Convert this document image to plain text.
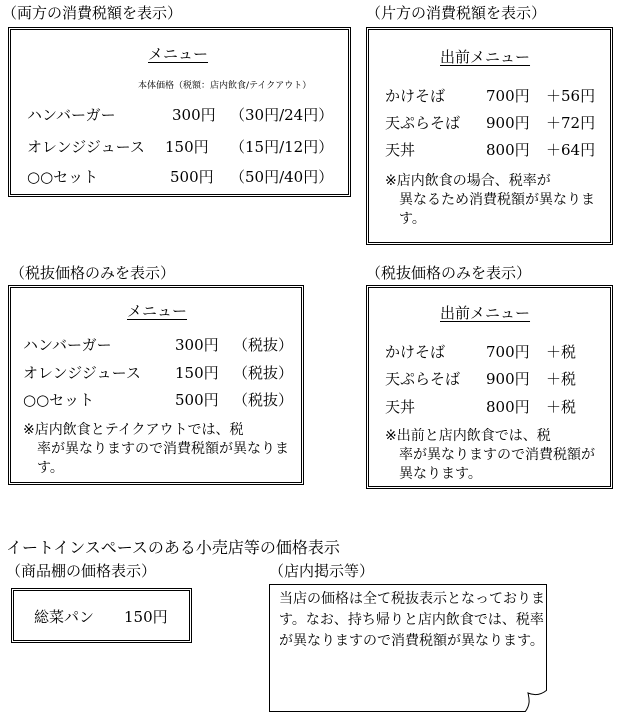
（両方の消費税額を表示）
メニュー
本体価格（税額：店内飲食/テイクアウト）
ハンバーガー	300円 （30円/24円）
オレンジジュース 150円 （15円/12円）
○○セット	500円 （50円/40円）
（片方の消費税額を表示）
出前メニュー
かけそば	700円 ＋56円
天ぷらそば 900円 ＋72円
天丼	800円 ＋64円
※店内飲食の場合、税率が
異なるため消費税額が異なります。
（税抜価格のみを表示）
メニュー
ハンバーガー	300円 （税抜）
オレンジジュース 150円 （税抜）
○○セット	500円 （税抜）
※店内飲食とテイクアウトでは、税
率が異なりますので消費税額が異なります。
（税抜価格のみを表示）
出前メニュー
かけそば	700円 ＋税
天ぷらそば 900円 ＋税
天丼	800円 ＋税
※出前と店内飲食では、税
率が異なりますので消費税額が異なります。
イートインスペースのある小売店等の価格表示
（商品棚の価格表示）
総菜パン 150円
（店内掲示等）
当店の価格は全て税抜表示となっております。なお、持ち帰りと店内飲食では、税率が異なりますので消費税額が異なります。
